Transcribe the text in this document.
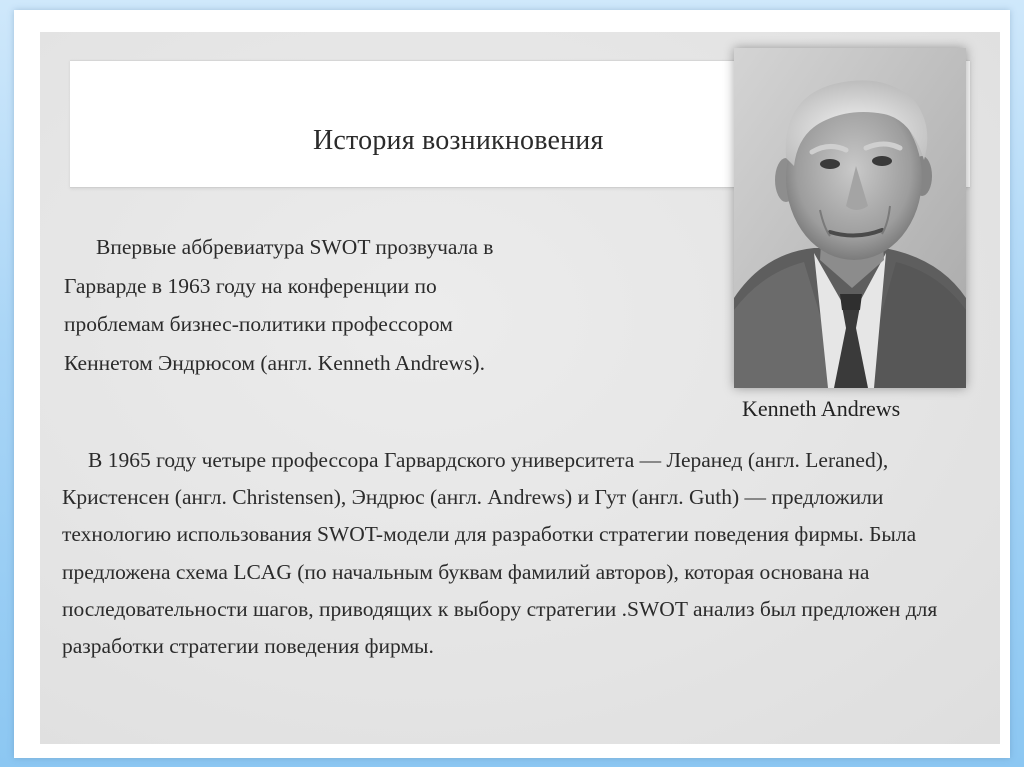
История возникновения
Kenneth Andrews

Впервые аббревиатура SWOT прозвучала в Гарварде в 1963 году на конференции по проблемам бизнес-политики профессором Кеннетом Эндрюсом (англ. Kenneth Andrews).

В 1965 году четыре профессора Гарвардского университета — Леранед (англ. Leraned), Кристенсен (англ. Christensen), Эндрюс (англ. Andrews) и Гут (англ. Guth) — предложили технологию использования SWOT-модели для разработки стратегии поведения фирмы. Была предложена схема LCAG (по начальным буквам фамилий авторов), которая основана на последовательности шагов, приводящих к выбору стратегии .SWOT анализ был предложен для разработки стратегии поведения фирмы.
